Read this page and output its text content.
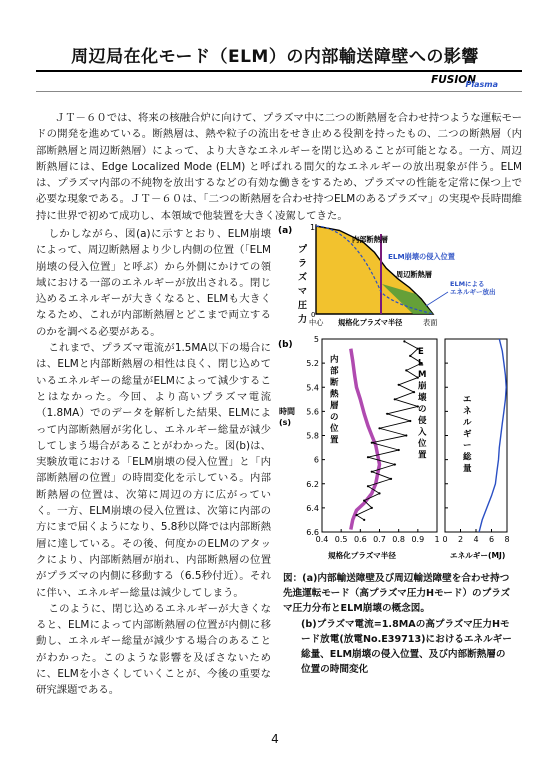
周辺局在化モード（ELM）の内部輸送障壁への影響
FUSION
Plasma
ＪＴ－６０では、将来の核融合炉に向けて、プラズマ中に二つの断熱層を合わせ持つような運転モードの開発を進めている。断熱層は、熱や粒子の流出をせき止める役割を持ったもの、二つの断熱層（内部断熱層と周辺断熱層）によって、より大きなエネルギーを閉じ込めることが可能となる。一方、周辺断熱層には、Edge Localized Mode (ELM) と呼ばれる間欠的なエネルギーの放出現象が伴う。ELMは、プラズマ内部の不純物を放出するなどの有効な働きをするため、プラズマの性能を定常に保つ上で必要な現象である。ＪＴ－６０は、「二つの断熱層を合わせ持つELMのあるプラズマ」の実現や長時間維持に世界で初めて成功し、本領域で他装置を大きく凌駕してきた。

しかしながら、図(a)に示すとおり、ELM崩壊によって、周辺断熱層より少し内側の位置（「ELM崩壊の侵入位置」と呼ぶ）から外側にかけての領域における一部のエネルギーが放出される。閉じ込めるエネルギーが大きくなると、ELMも大きくなるため、これが内部断熱層とどこまで両立するのかを調べる必要がある。

これまで、プラズマ電流が1.5MA以下の場合には、ELMと内部断熱層の相性は良く、閉じ込めているエネルギーの総量がELMによって減少することはなかった。今回、より高いプラズマ電流（1.8MA）でのデータを解析した結果、ELMによって内部断熱層が劣化し、エネルギー総量が減少してしまう場合があることがわかった。図(b)は、実験放電における「ELM崩壊の侵入位置」と「内部断熱層の位置」の時間変化を示している。内部断熱層の位置は、次第に周辺の方に広がっていく。一方、ELM崩壊の侵入位置は、次第に内部の方にまで届くようになり、5.8秒以降では内部断熱層に達している。その後、何度かのELMのアタックにより、内部断熱層が崩れ、内部断熱層の位置がプラズマの内側に移動する（6.5秒付近）。それに伴い、エネルギー総量は減少してしまう。

このように、閉じ込めるエネルギーが大きくなると、ELMによって内部断熱層の位置が内側に移動し、エネルギー総量が減少する場合のあることがわかった。このような影響を及ぼさないために、ELMを小さくしていくことが、今後の重要な研究課題である。

(a)
プ
ラ
ズ
マ
圧
力
1
0
内部断熱層
ELM崩壊の侵入位置
周辺断熱層
ELMによる
エネルギー放出
中心 規格化プラズマ半径	表面
(b)
時間
(s)
5
5.2
5.4
5.6
5.8
6
6.2
6.4
6.6
0.4 0.5 0.6 0.7 0.8 0.9 1 0 2 4 6 8
内
部
断
熱
層
の
位
置
E
L
M
崩
壊
の
侵
入
位
置
エ
ネ
ル
ギ
ー
総
量
規格化プラズマ半径	エネルギー(MJ)
図：(a)内部輸送障壁及び周辺輸送障壁を合わせ持つ先進運転モード（高プラズマ圧力Hモード）のプラズマ圧力分布とELM崩壊の概念図。
(b)プラズマ電流=1.8MAの高プラズマ圧力Hモード放電(放電No.E39713)におけるエネルギー総量、ELM崩壊の侵入位置、及び内部断熱層の位置の時間変化
4
